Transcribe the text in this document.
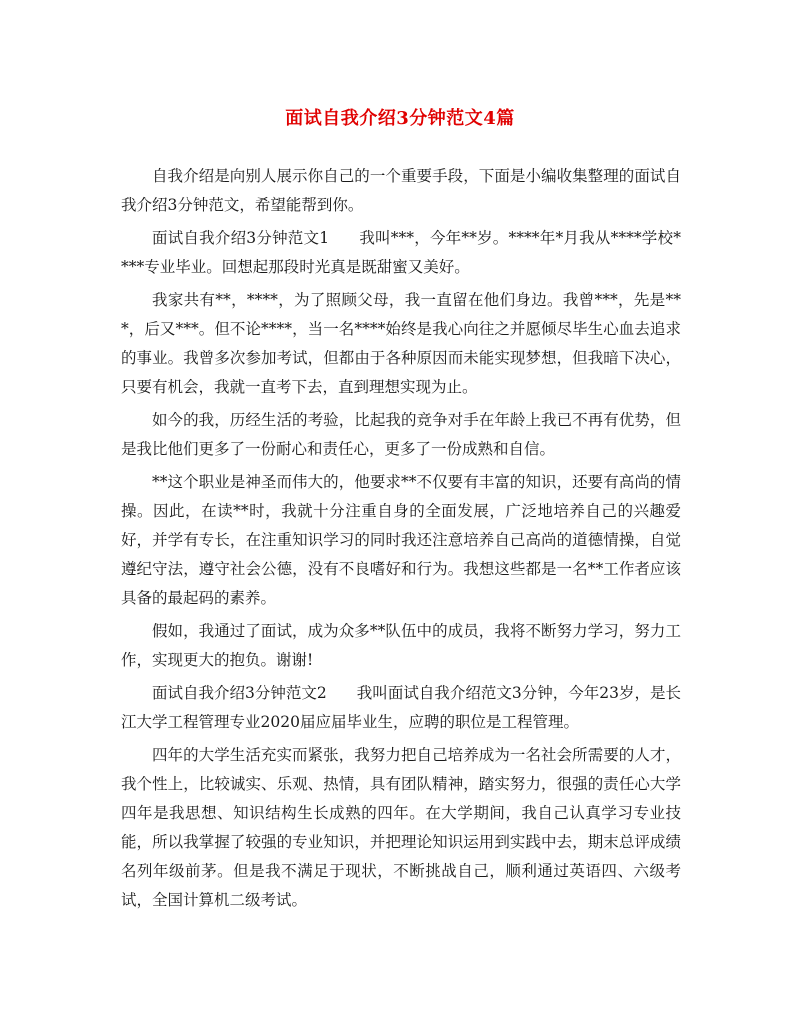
面试自我介绍3分钟范文4篇

自我介绍是向别人展示你自己的一个重要手段，下面是小编收集整理的面试自我介绍3分钟范文，希望能帮到你。

面试自我介绍3分钟范文1 我叫***，今年**岁。****年*月我从****学校****专业毕业。回想起那段时光真是既甜蜜又美好。

我家共有**，****，为了照顾父母，我一直留在他们身边。我曾***，先是***，后又***。但不论****，当一名****始终是我心向往之并愿倾尽毕生心血去追求的事业。我曾多次参加考试，但都由于各种原因而未能实现梦想，但我暗下决心，只要有机会，我就一直考下去，直到理想实现为止。

如今的我，历经生活的考验，比起我的竞争对手在年龄上我已不再有优势，但是我比他们更多了一份耐心和责任心，更多了一份成熟和自信。

**这个职业是神圣而伟大的，他要求**不仅要有丰富的知识，还要有高尚的情操。因此，在读**时，我就十分注重自身的全面发展，广泛地培养自己的兴趣爱好，并学有专长，在注重知识学习的同时我还注意培养自己高尚的道德情操，自觉遵纪守法，遵守社会公德，没有不良嗜好和行为。我想这些都是一名**工作者应该具备的最起码的素养。

假如，我通过了面试，成为众多**队伍中的成员，我将不断努力学习，努力工作，实现更大的抱负。谢谢!

面试自我介绍3分钟范文2 我叫面试自我介绍范文3分钟，今年23岁，是长江大学工程管理专业2020届应届毕业生，应聘的职位是工程管理。

四年的大学生活充实而紧张，我努力把自己培养成为一名社会所需要的人才，我个性上，比较诚实、乐观、热情，具有团队精神，踏实努力，很强的责任心大学四年是我思想、知识结构生长成熟的四年。在大学期间，我自己认真学习专业技能，所以我掌握了较强的专业知识，并把理论知识运用到实践中去，期末总评成绩名列年级前茅。但是我不满足于现状，不断挑战自己，顺利通过英语四、六级考试，全国计算机二级考试。
